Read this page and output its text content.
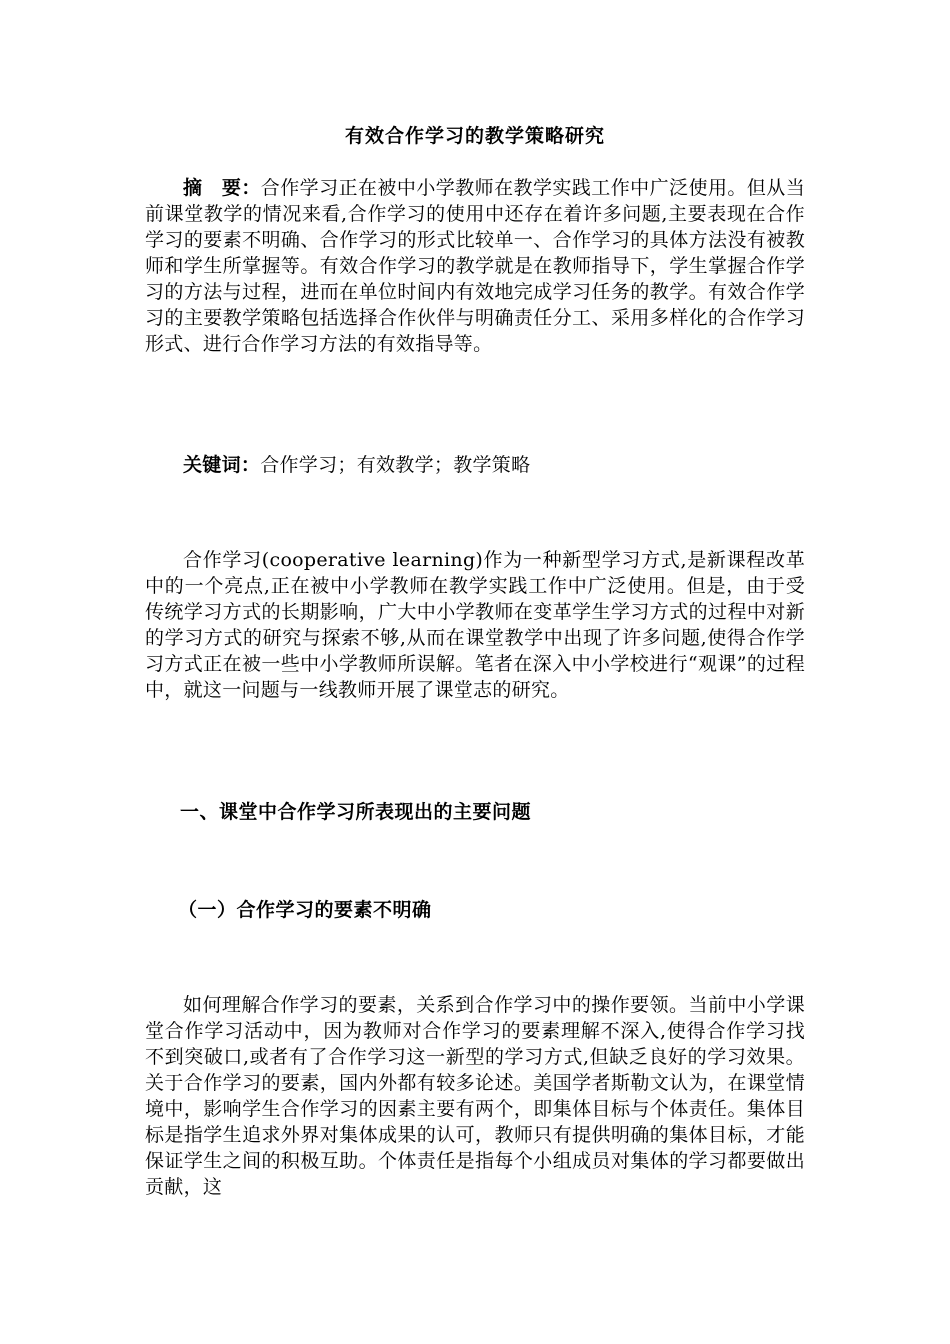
有效合作学习的教学策略研究
摘　要：合作学习正在被中小学教师在教学实践工作中广泛使用。但从当前课堂教学的情况来看,合作学习的使用中还存在着许多问题,主要表现在合作学习的要素不明确、合作学习的形式比较单一、合作学习的具体方法没有被教师和学生所掌握等。有效合作学习的教学就是在教师指导下，学生掌握合作学习的方法与过程，进而在单位时间内有效地完成学习任务的教学。有效合作学习的主要教学策略包括选择合作伙伴与明确责任分工、采用多样化的合作学习形式、进行合作学习方法的有效指导等。
关键词：合作学习；有效教学；教学策略
合作学习(cooperative learning)作为一种新型学习方式,是新课程改革中的一个亮点,正在被中小学教师在教学实践工作中广泛使用。但是，由于受传统学习方式的长期影响，广大中小学教师在变革学生学习方式的过程中对新的学习方式的研究与探索不够,从而在课堂教学中出现了许多问题,使得合作学习方式正在被一些中小学教师所误解。笔者在深入中小学校进行“观课”的过程中，就这一问题与一线教师开展了课堂志的研究。
一、课堂中合作学习所表现出的主要问题
（一）合作学习的要素不明确
如何理解合作学习的要素，关系到合作学习中的操作要领。当前中小学课堂合作学习活动中，因为教师对合作学习的要素理解不深入,使得合作学习找不到突破口,或者有了合作学习这一新型的学习方式,但缺乏良好的学习效果。关于合作学习的要素，国内外都有较多论述。美国学者斯勒文认为，在课堂情境中，影响学生合作学习的因素主要有两个，即集体目标与个体责任。集体目标是指学生追求外界对集体成果的认可，教师只有提供明确的集体目标，才能保证学生之间的积极互助。个体责任是指每个小组成员对集体的学习都要做出贡献，这
